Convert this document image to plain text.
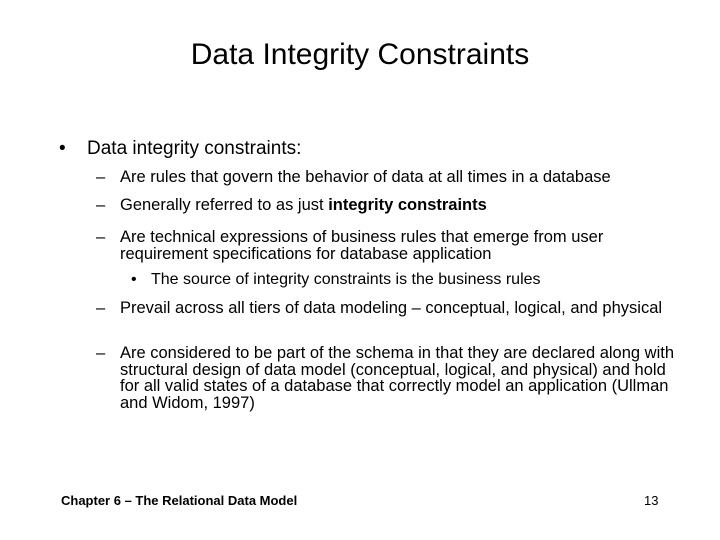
Data Integrity Constraints
• Data integrity constraints:
– Are rules that govern the behavior of data at all times in a database
– Generally referred to as just integrity constraints
– Are technical expressions of business rules that emerge from user requirement specifications for database application
• The source of integrity constraints is the business rules
– Prevail across all tiers of data modeling – conceptual, logical, and physical
– Are considered to be part of the schema in that they are declared along with structural design of data model (conceptual, logical, and physical) and hold for all valid states of a database that correctly model an application (Ullman and Widom, 1997)
Chapter 6 – The Relational Data Model	13
